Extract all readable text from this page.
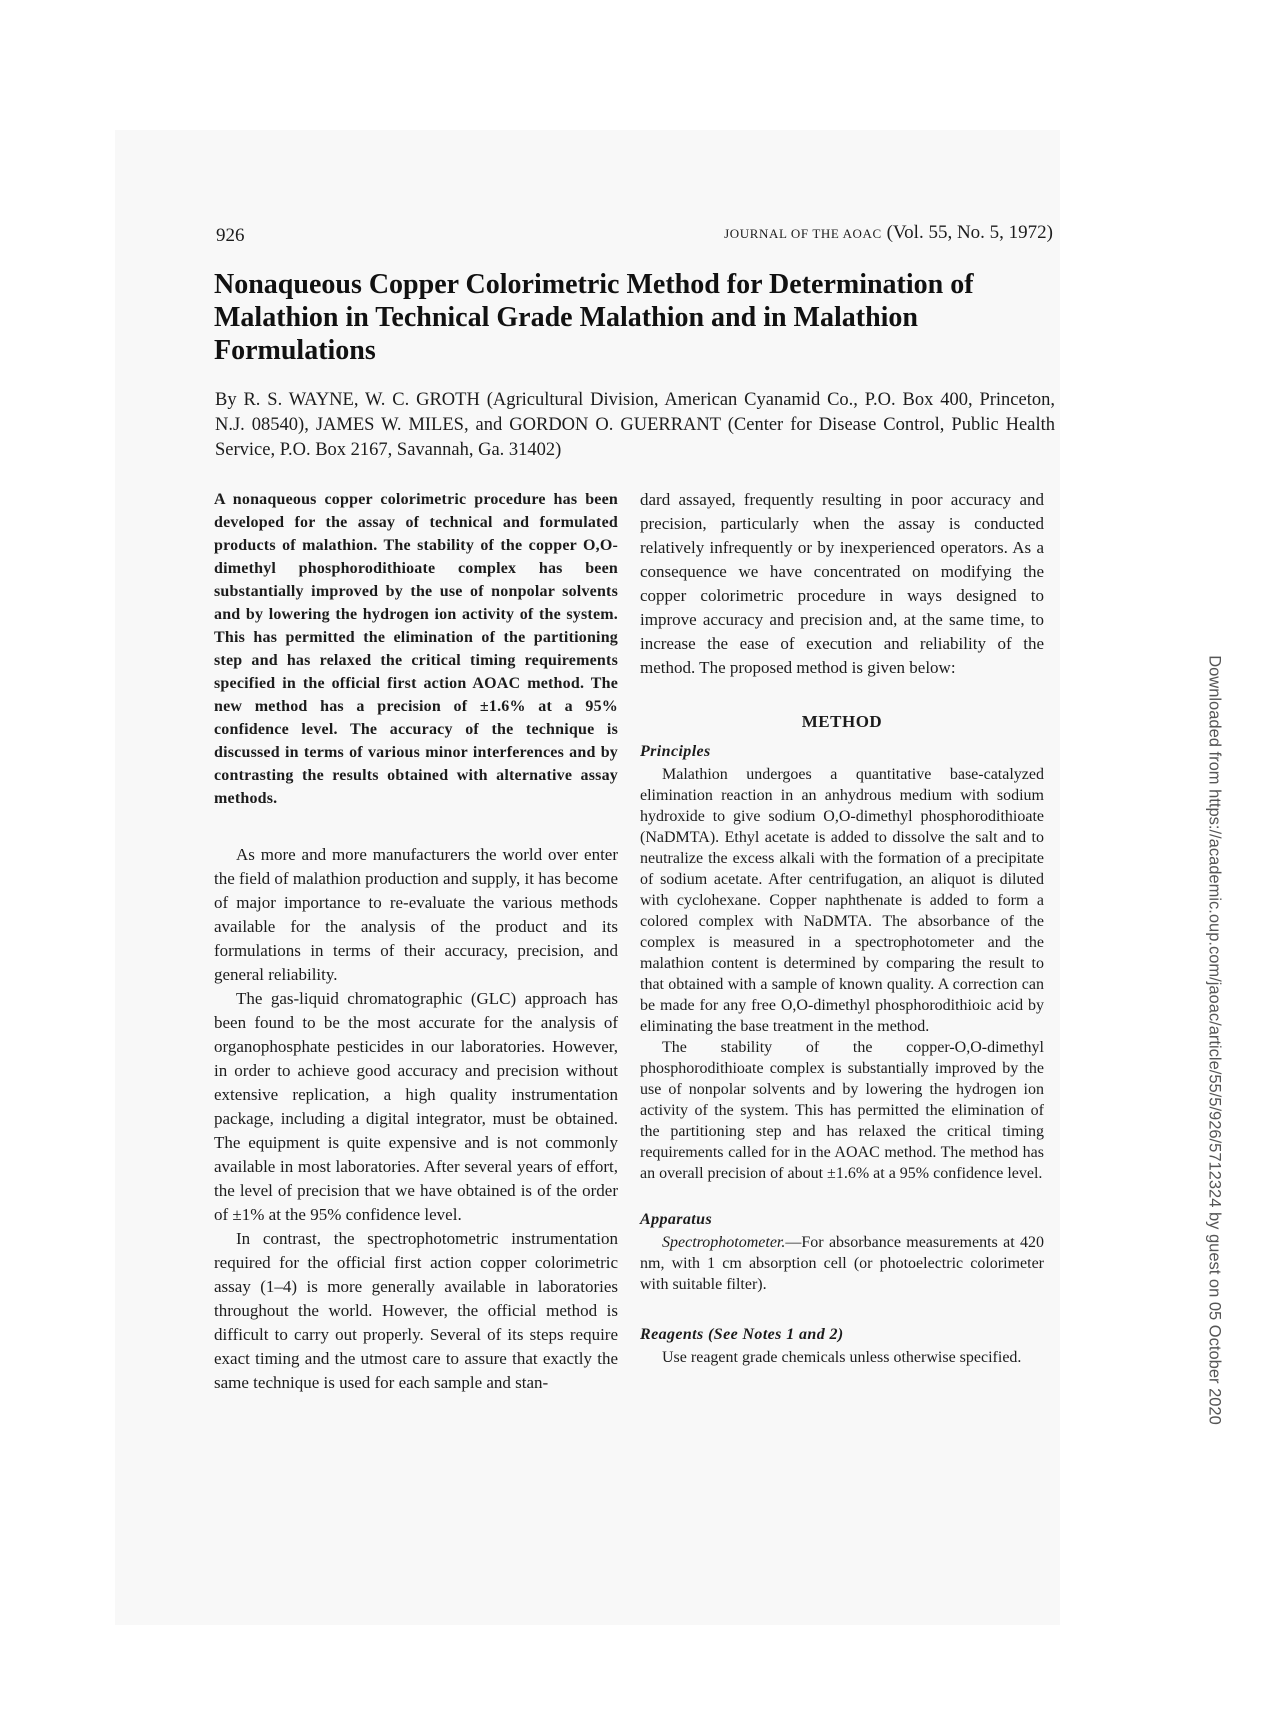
926	JOURNAL OF THE AOAC (Vol. 55, No. 5, 1972)
Nonaqueous Copper Colorimetric Method for Determination of Malathion in Technical Grade Malathion and in Malathion Formulations

By R. S. WAYNE, W. C. GROTH (Agricultural Division, American Cyanamid Co., P.O. Box 400, Princeton, N.J. 08540), JAMES W. MILES, and GORDON O. GUERRANT (Center for Disease Control, Public Health Service, P.O. Box 2167, Savannah, Ga. 31402)

A nonaqueous copper colorimetric procedure has been developed for the assay of technical and formulated products of malathion. The stability of the copper O,O-dimethyl phosphorodithioate complex has been substantially improved by the use of nonpolar solvents and by lowering the hydrogen ion activity of the system. This has permitted the elimination of the partitioning step and has relaxed the critical timing requirements specified in the official first action AOAC method. The new method has a precision of ±1.6% at a 95% confidence level. The accuracy of the technique is discussed in terms of various minor interferences and by contrasting the results obtained with alternative assay methods.

As more and more manufacturers the world over enter the field of malathion production and supply, it has become of major importance to re-evaluate the various methods available for the analysis of the product and its formulations in terms of their accuracy, precision, and general reliability.

The gas-liquid chromatographic (GLC) approach has been found to be the most accurate for the analysis of organophosphate pesticides in our laboratories. However, in order to achieve good accuracy and precision without extensive replication, a high quality instrumentation package, including a digital integrator, must be obtained. The equipment is quite expensive and is not commonly available in most laboratories. After several years of effort, the level of precision that we have obtained is of the order of ±1% at the 95% confidence level.

In contrast, the spectrophotometric instrumentation required for the official first action copper colorimetric assay (1–4) is more generally available in laboratories throughout the world. However, the official method is difficult to carry out properly. Several of its steps require exact timing and the utmost care to assure that exactly the same technique is used for each sample and stan-

dard assayed, frequently resulting in poor accuracy and precision, particularly when the assay is conducted relatively infrequently or by inexperienced operators. As a consequence we have concentrated on modifying the copper colorimetric procedure in ways designed to improve accuracy and precision and, at the same time, to increase the ease of execution and reliability of the method. The proposed method is given below:

METHOD

Principles

Malathion undergoes a quantitative base-catalyzed elimination reaction in an anhydrous medium with sodium hydroxide to give sodium O,O-dimethyl phosphorodithioate (NaDMTA). Ethyl acetate is added to dissolve the salt and to neutralize the excess alkali with the formation of a precipitate of sodium acetate. After centrifugation, an aliquot is diluted with cyclohexane. Copper naphthenate is added to form a colored complex with NaDMTA. The absorbance of the complex is measured in a spectrophotometer and the malathion content is determined by comparing the result to that obtained with a sample of known quality. A correction can be made for any free O,O-dimethyl phosphorodithioic acid by eliminating the base treatment in the method.

The stability of the copper-O,O-dimethyl phosphorodithioate complex is substantially improved by the use of nonpolar solvents and by lowering the hydrogen ion activity of the system. This has permitted the elimination of the partitioning step and has relaxed the critical timing requirements called for in the AOAC method. The method has an overall precision of about ±1.6% at a 95% confidence level.

Apparatus

Spectrophotometer.—For absorbance measurements at 420 nm, with 1 cm absorption cell (or photoelectric colorimeter with suitable filter).

Reagents (See Notes 1 and 2)

Use reagent grade chemicals unless otherwise specified.	Downloaded from https://academic.oup.com/jaoac/article/55/5/926/5712324 by guest on 05 October 2020
